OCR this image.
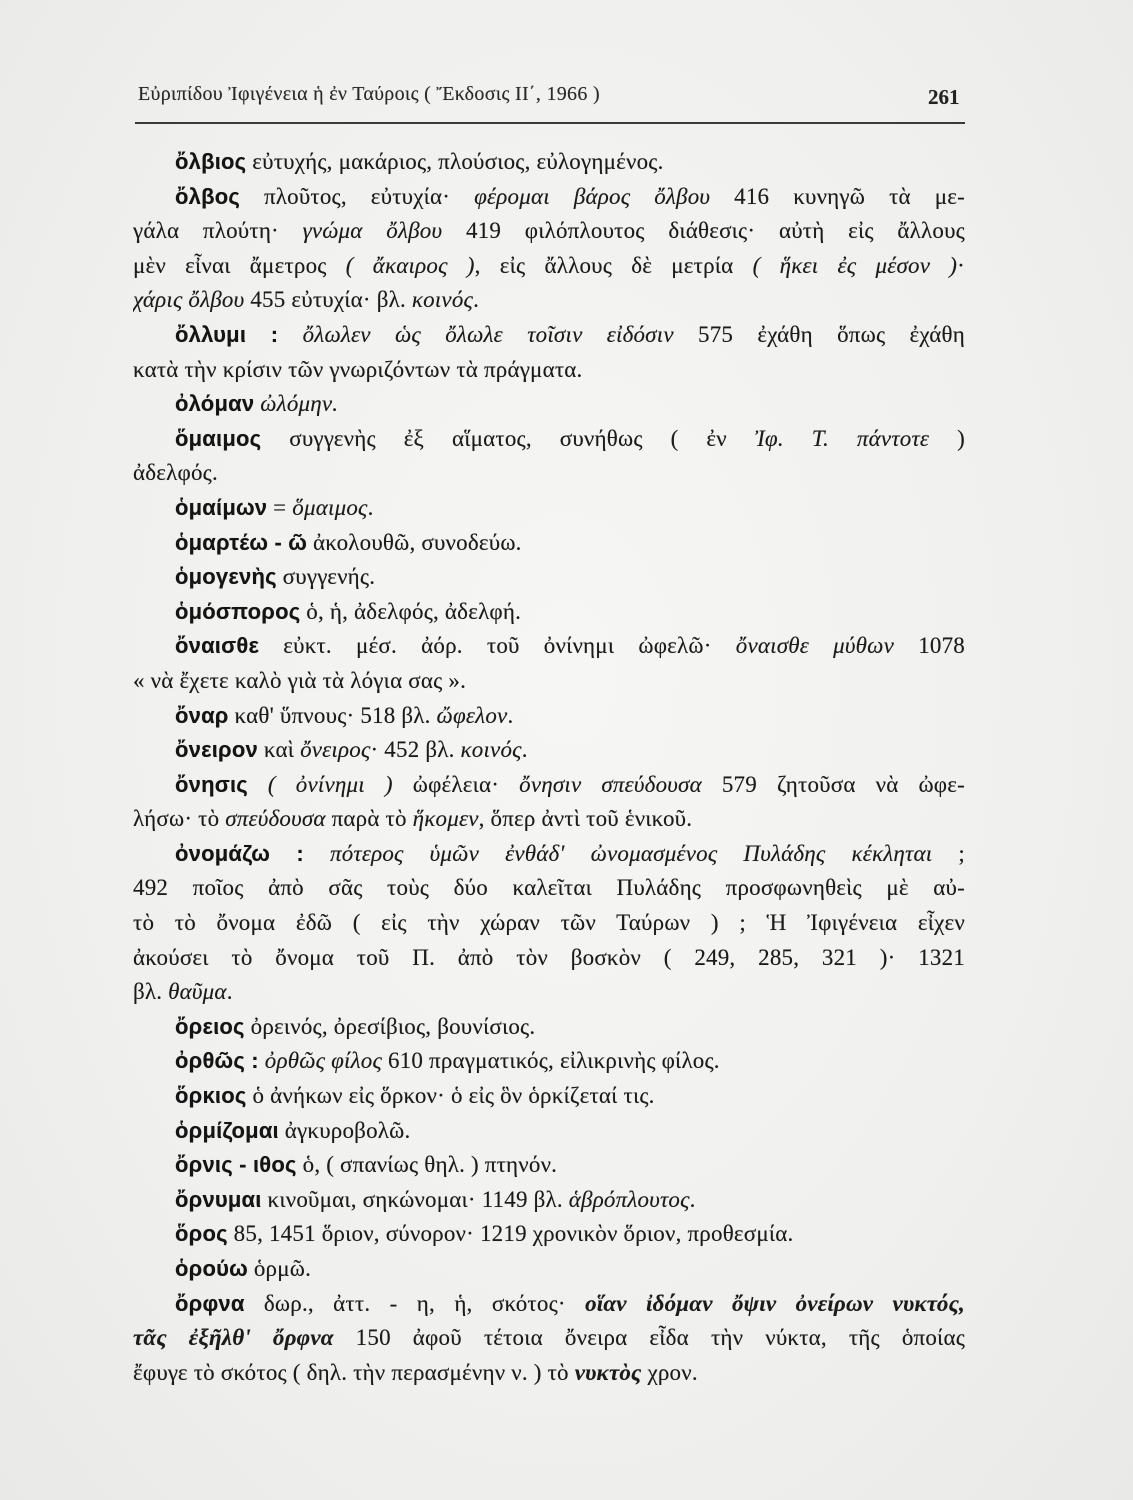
Εὐριπίδου Ἰφιγένεια ἡ ἐν Ταύροις ( Ἔκδοσις ΙΙ΄, 1966 )	261
ὄλβιος εὐτυχής, μακάριος, πλούσιος, εὐλογημένος.
ὄλβος πλοῦτος, εὐτυχία· φέρομαι βάρος ὄλβου 416 κυνηγῶ τὰ με-
γάλα πλούτη· γνώμα ὄλβου 419 φιλόπλουτος διάθεσις· αὐτὴ εἰς ἄλλους
μὲν εἶναι ἄμετρος ( ἄκαιρος ), εἰς ἄλλους δὲ μετρία ( ἥκει ἐς μέσον )·
χάρις ὄλβου 455 εὐτυχία· βλ. κοινός.
ὄλλυμι : ὄλωλεν ὡς ὄλωλε τοῖσιν εἰδόσιν 575 ἐχάθη ὅπως ἐχάθη
κατὰ τὴν κρίσιν τῶν γνωριζόντων τὰ πράγματα.
ὀλόμαν ὠλόμην.
ὅμαιμος συγγενὴς ἐξ αἵματος, συνήθως ( ἐν Ἰφ. Τ. πάντοτε )
ἀδελφός.
ὁμαίμων = ὅμαιμος.
ὁμαρτέω - ῶ ἀκολουθῶ, συνοδεύω.
ὁμογενὴς συγγενής.
ὁμόσπορος ὁ, ἡ, ἀδελφός, ἀδελφή.
ὄναισθε εὐκτ. μέσ. ἀόρ. τοῦ ὀνίνημι ὠφελῶ· ὄναισθε μύθων 1078
« νὰ ἔχετε καλὸ γιὰ τὰ λόγια σας ».
ὄναρ καθ' ὕπνους· 518 βλ. ὤφελον.
ὄνειρον καὶ ὄνειρος· 452 βλ. κοινός.
ὄνησις ( ὀνίνημι ) ὠφέλεια· ὄνησιν σπεύδουσα 579 ζητοῦσα νὰ ὠφε-
λήσω· τὸ σπεύδουσα παρὰ τὸ ἥκομεν, ὅπερ ἀντὶ τοῦ ἑνικοῦ.
ὀνομάζω : πότερος ὑμῶν ἐνθάδ' ὠνομασμένος Πυλάδης κέκληται ;
492 ποῖος ἀπὸ σᾶς τοὺς δύο καλεῖται Πυλάδης προσφωνηθεὶς μὲ αὐ-
τὸ τὸ ὄνομα ἐδῶ ( εἰς τὴν χώραν τῶν Ταύρων ) ; Ἡ Ἰφιγένεια εἶχεν
ἀκούσει τὸ ὄνομα τοῦ Π. ἀπὸ τὸν βοσκὸν ( 249, 285, 321 )· 1321
βλ. θαῦμα.
ὄρειος ὀρεινός, ὀρεσίβιος, βουνίσιος.
ὀρθῶς : ὀρθῶς φίλος 610 πραγματικός, εἰλικρινὴς φίλος.
ὅρκιος ὁ ἀνήκων εἰς ὅρκον· ὁ εἰς ὃν ὁρκίζεταί τις.
ὁρμίζομαι ἀγκυροβολῶ.
ὄρνις - ιθος ὁ, ( σπανίως θηλ. ) πτηνόν.
ὄρνυμαι κινοῦμαι, σηκώνομαι· 1149 βλ. ἁβρόπλουτος.
ὅρος 85, 1451 ὅριον, σύνορον· 1219 χρονικὸν ὅριον, προθεσμία.
ὁρούω ὁρμῶ.
ὄρφνα δωρ., ἀττ. - η, ἡ, σκότος· οἵαν ἰδόμαν ὄψιν ὀνείρων νυκτός,
τᾶς ἐξῆλθ' ὄρφνα 150 ἀφοῦ τέτοια ὄνειρα εἶδα τὴν νύκτα, τῆς ὁποίας
ἔφυγε τὸ σκότος ( δηλ. τὴν περασμένην ν. ) τὸ νυκτὸς χρον.
